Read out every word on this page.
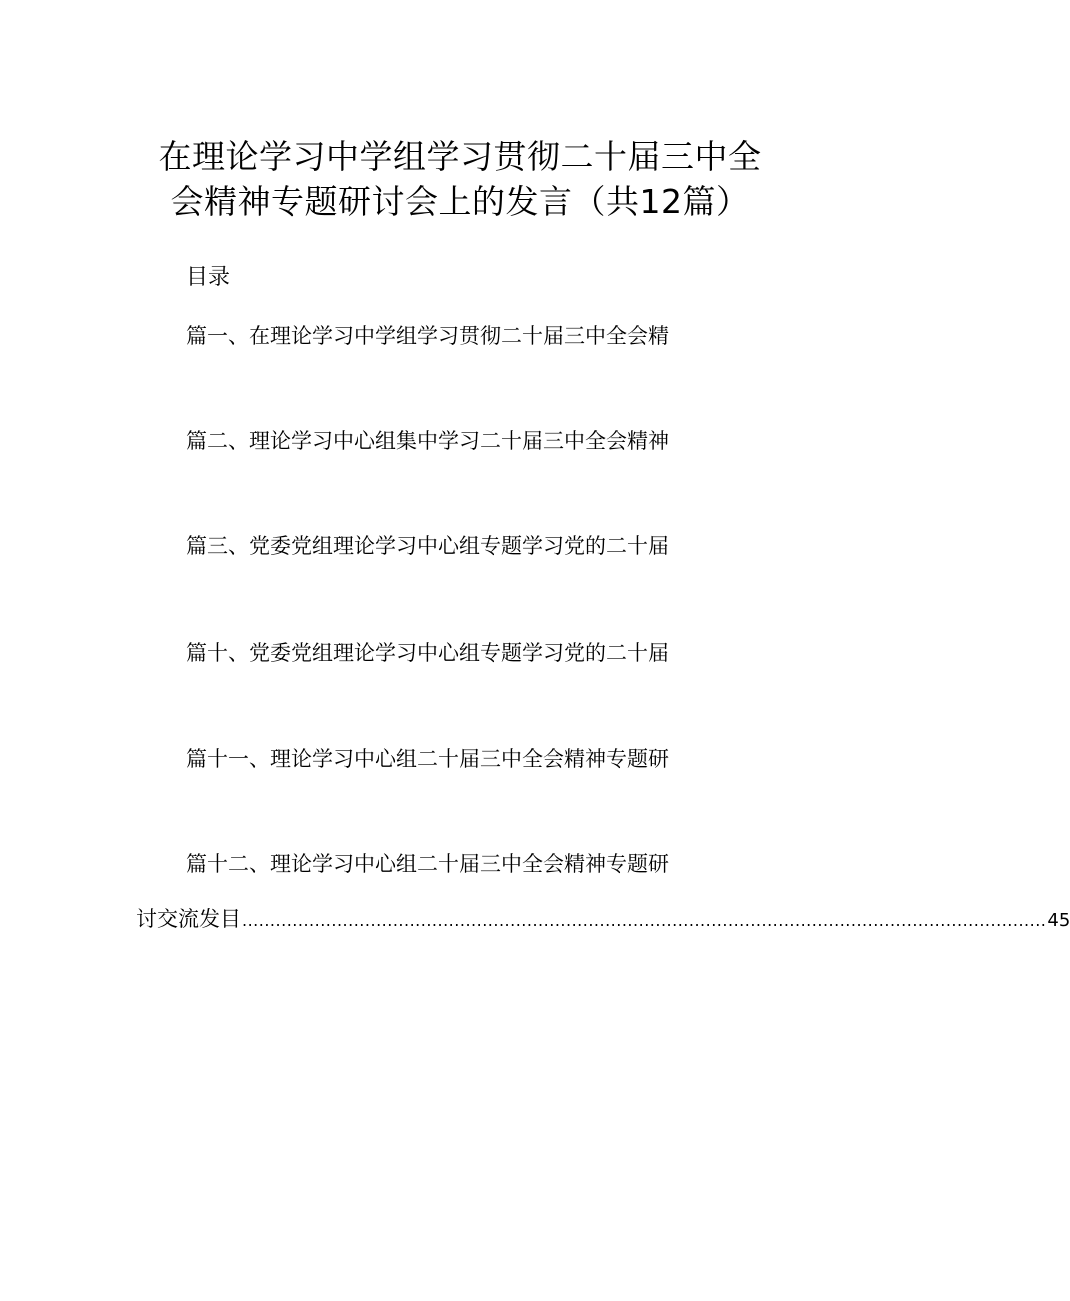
在理论学习中学组学习贯彻二十届三中全
会精神专题研讨会上的发言（共12篇）
目录
篇一、在理论学习中学组学习贯彻二十届三中全会精
篇二、理论学习中心组集中学习二十届三中全会精神
篇三、党委党组理论学习中心组专题学习党的二十届
篇十、党委党组理论学习中心组专题学习党的二十届
篇十一、理论学习中心组二十届三中全会精神专题研
篇十二、理论学习中心组二十届三中全会精神专题研
讨交流发目 ................................................................................................................................................ 45
